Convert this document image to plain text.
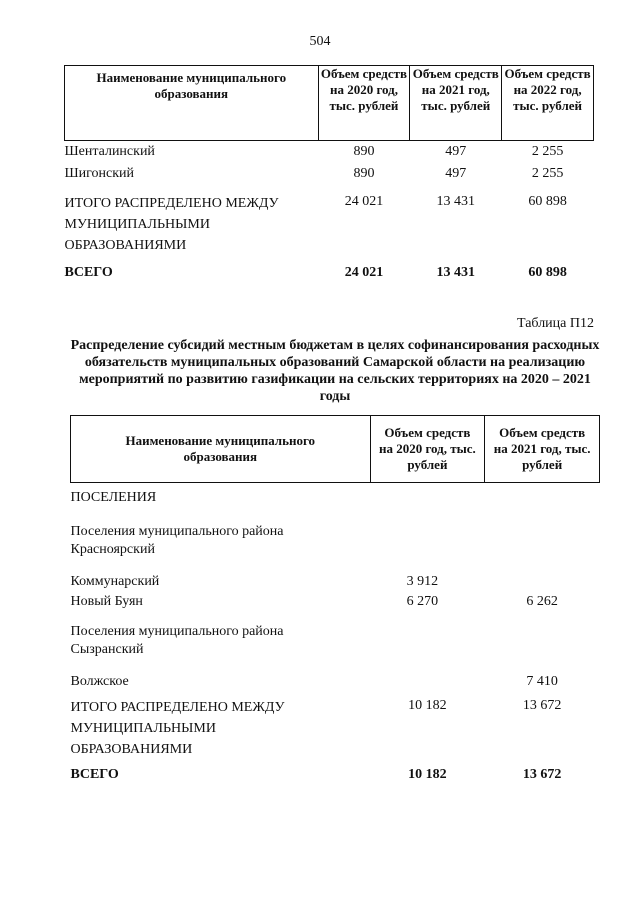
504
Наименование муниципального образования	Объем средств на 2020 год, тыс. рублей	Объем средств на 2021 год, тыс. рублей	Объем средств на 2022 год, тыс. рублей
Шенталинский	890	497	2 255
Шигонский	890	497	2 255
ИТОГО РАСПРЕДЕЛЕНО МЕЖДУ МУНИЦИПАЛЬНЫМИ ОБРАЗОВАНИЯМИ	24 021	13 431	60 898
ВСЕГО	24 021	13 431	60 898
Таблица П12
Распределение субсидий местным бюджетам в целях софинансирования расходных обязательств муниципальных образований Самарской области на реализацию мероприятий по развитию газификации на сельских территориях на 2020 – 2021 годы
Наименование муниципального образования	Объем средств на 2020 год, тыс. рублей	Объем средств на 2021 год, тыс. рублей
ПОСЕЛЕНИЯ		
Поселения муниципального района Красноярский		
Коммунарский	3 912	
Новый Буян	6 270	6 262
Поселения муниципального района Сызранский		
Волжское		7 410
ИТОГО РАСПРЕДЕЛЕНО МЕЖДУ МУНИЦИПАЛЬНЫМИ ОБРАЗОВАНИЯМИ	10 182	13 672
ВСЕГО	10 182	13 672
